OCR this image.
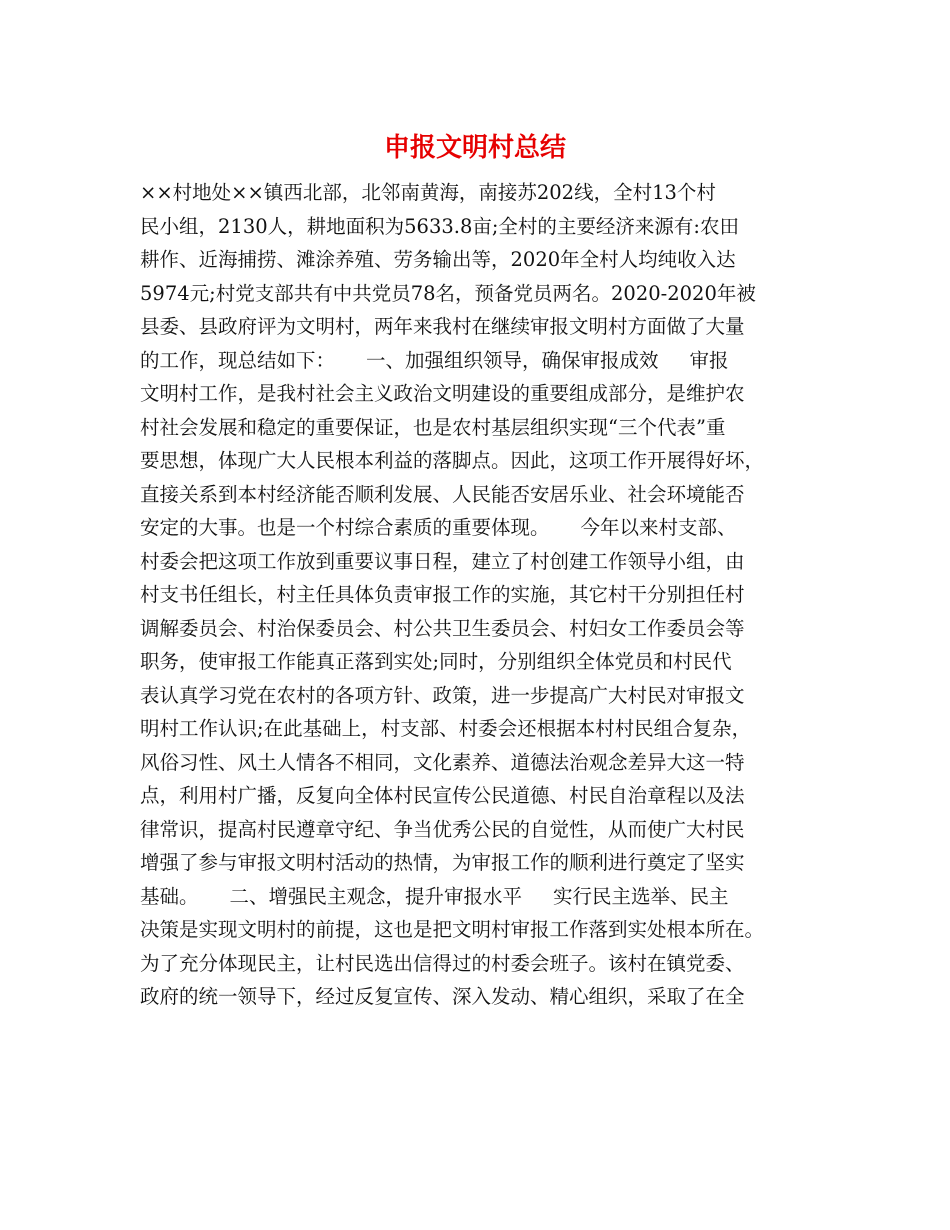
申报文明村总结
××村地处××镇西北部，北邻南黄海，南接苏202线，全村13个村
民小组，2130人，耕地面积为5633.8亩;全村的主要经济来源有:农田
耕作、近海捕捞、滩涂养殖、劳务输出等，2020年全村人均纯收入达
5974元;村党支部共有中共党员78名，预备党员两名。2020-2020年被
县委、县政府评为文明村，两年来我村在继续审报文明村方面做了大量
的工作，现总结如下：     一、加强组织领导，确保审报成效     审报
文明村工作，是我村社会主义政治文明建设的重要组成部分，是维护农
村社会发展和稳定的重要保证，也是农村基层组织实现“三个代表”重
要思想，体现广大人民根本利益的落脚点。因此，这项工作开展得好坏，
直接关系到本村经济能否顺利发展、人民能否安居乐业、社会环境能否
安定的大事。也是一个村综合素质的重要体现。     今年以来村支部、
村委会把这项工作放到重要议事日程，建立了村创建工作领导小组，由
村支书任组长，村主任具体负责审报工作的实施，其它村干分别担任村
调解委员会、村治保委员会、村公共卫生委员会、村妇女工作委员会等
职务，使审报工作能真正落到实处;同时，分别组织全体党员和村民代
表认真学习党在农村的各项方针、政策，进一步提高广大村民对审报文
明村工作认识;在此基础上，村支部、村委会还根据本村村民组合复杂，
风俗习性、风土人情各不相同，文化素养、道德法治观念差异大这一特
点，利用村广播，反复向全体村民宣传公民道德、村民自治章程以及法
律常识，提高村民遵章守纪、争当优秀公民的自觉性，从而使广大村民
增强了参与审报文明村活动的热情，为审报工作的顺利进行奠定了坚实
基础。     二、增强民主观念，提升审报水平     实行民主选举、民主
决策是实现文明村的前提，这也是把文明村审报工作落到实处根本所在。
为了充分体现民主，让村民选出信得过的村委会班子。该村在镇党委、
政府的统一领导下，经过反复宣传、深入发动、精心组织，采取了在全
